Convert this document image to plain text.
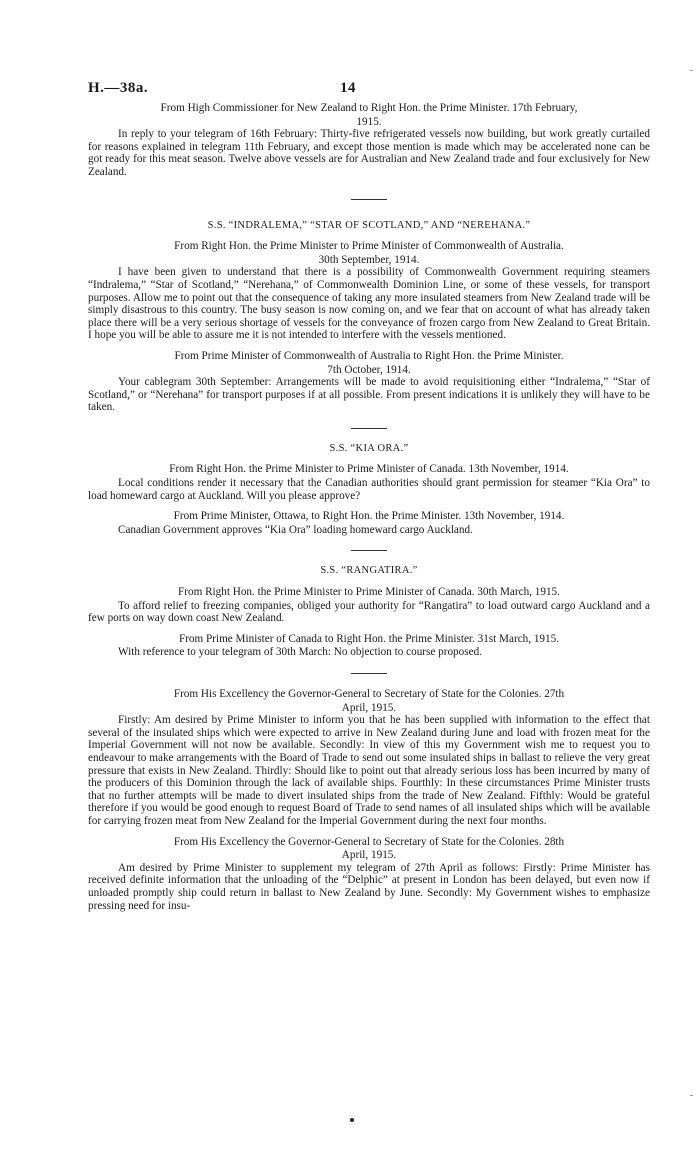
H.—38a.	14

From High Commissioner for New Zealand to Right Hon. the Prime Minister. 17th February,

1915.

In reply to your telegram of 16th February: Thirty-five refrigerated vessels now building, but work greatly curtailed for reasons explained in telegram 11th February, and except those mention is made which may be accelerated none can be got ready for this meat season. Twelve above vessels are for Australian and New Zealand trade and four exclusively for New Zealand.

S.S. “INDRALEMA,” “STAR OF SCOTLAND,” AND “NEREHANA.”

From Right Hon. the Prime Minister to Prime Minister of Commonwealth of Australia.

30th September, 1914.

I have been given to understand that there is a possibility of Commonwealth Government requiring steamers “Indralema,” “Star of Scotland,” “Nerehana,” of Commonwealth Dominion Line, or some of these vessels, for transport purposes. Allow me to point out that the consequence of taking any more insulated steamers from New Zealand trade will be simply disastrous to this country. The busy season is now coming on, and we fear that on account of what has already taken place there will be a very serious shortage of vessels for the conveyance of frozen cargo from New Zealand to Great Britain. I hope you will be able to assure me it is not intended to interfere with the vessels mentioned.

From Prime Minister of Commonwealth of Australia to Right Hon. the Prime Minister.

7th October, 1914.

Your cablegram 30th September: Arrangements will be made to avoid requisitioning either “Indralema,” “Star of Scotland,” or “Nerehana” for transport purposes if at all possible. From present indications it is unlikely they will have to be taken.

S.S. “KIA ORA.”

From Right Hon. the Prime Minister to Prime Minister of Canada. 13th November, 1914.

Local conditions render it necessary that the Canadian authorities should grant permission for steamer “Kia Ora” to load homeward cargo at Auckland. Will you please approve?

From Prime Minister, Ottawa, to Right Hon. the Prime Minister. 13th November, 1914.

Canadian Government approves “Kia Ora” loading homeward cargo Auckland.

S.S. “RANGATIRA.”

From Right Hon. the Prime Minister to Prime Minister of Canada. 30th March, 1915.

To afford relief to freezing companies, obliged your authority for “Rangatira” to load outward cargo Auckland and a few ports on way down coast New Zealand.

From Prime Minister of Canada to Right Hon. the Prime Minister. 31st March, 1915.

With reference to your telegram of 30th March: No objection to course proposed.

From His Excellency the Governor-General to Secretary of State for the Colonies. 27th

April, 1915.

Firstly: Am desired by Prime Minister to inform you that he has been supplied with information to the effect that several of the insulated ships which were expected to arrive in New Zealand during June and load with frozen meat for the Imperial Government will not now be available. Secondly: In view of this my Government wish me to request you to endeavour to make arrangements with the Board of Trade to send out some insulated ships in ballast to relieve the very great pressure that exists in New Zealand. Thirdly: Should like to point out that already serious loss has been incurred by many of the producers of this Dominion through the lack of available ships. Fourthly: In these circumstances Prime Minister trusts that no further attempts will be made to divert insulated ships from the trade of New Zealand. Fifthly: Would be grateful therefore if you would be good enough to request Board of Trade to send names of all insulated ships which will be available for carrying frozen meat from New Zealand for the Imperial Government during the next four months.

From His Excellency the Governor-General to Secretary of State for the Colonies. 28th

April, 1915.

Am desired by Prime Minister to supplement my telegram of 27th April as follows: Firstly: Prime Minister has received definite information that the unloading of the “Delphic” at present in London has been delayed, but even now if unloaded promptly ship could return in ballast to New Zealand by June. Secondly: My Government wishes to emphasize pressing need for insu-
